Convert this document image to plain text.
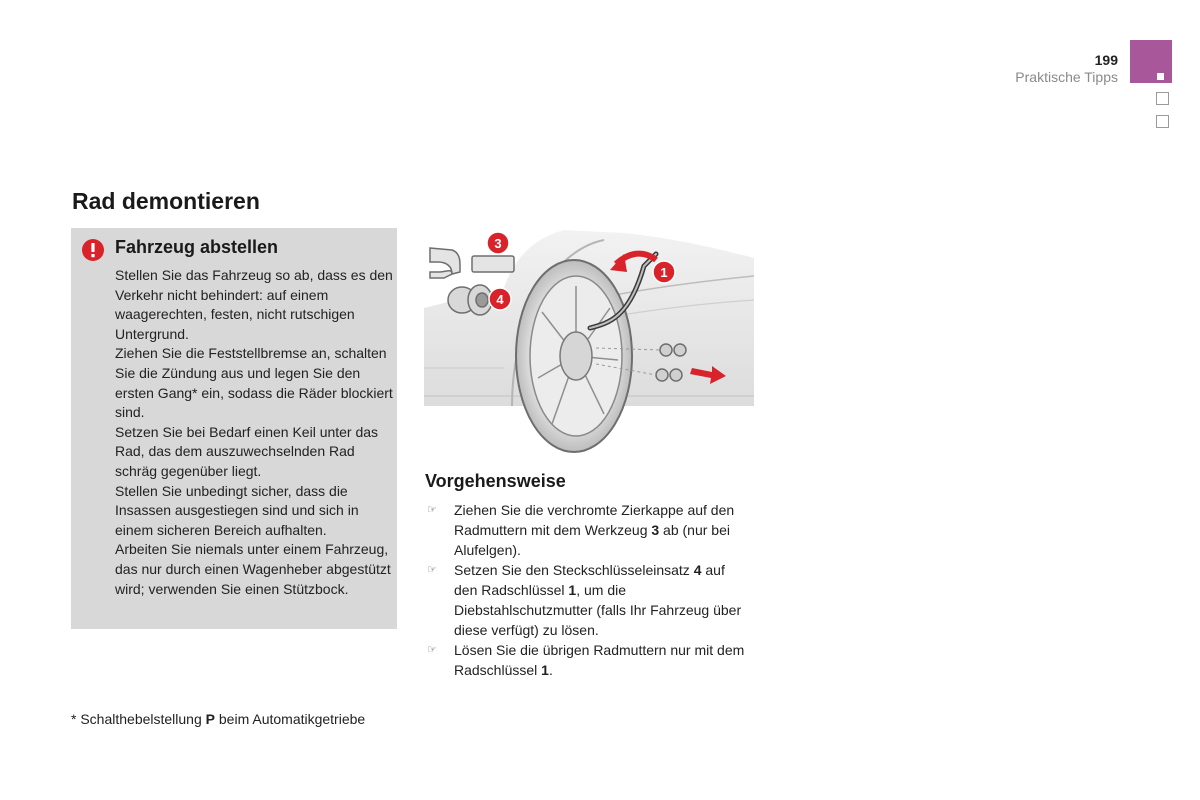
199
Praktische Tipps
Rad demontieren
Fahrzeug abstellen

Stellen Sie das Fahrzeug so ab, dass es den Verkehr nicht behindert: auf einem waagerechten, festen, nicht rutschigen Untergrund.

Ziehen Sie die Feststellbremse an, schalten Sie die Zündung aus und legen Sie den ersten Gang* ein, sodass die Räder blockiert sind.

Setzen Sie bei Bedarf einen Keil unter das Rad, das dem auszuwechselnden Rad schräg gegenüber liegt.

Stellen Sie unbedingt sicher, dass die Insassen ausgestiegen sind und sich in einem sicheren Bereich aufhalten.

Arbeiten Sie niemals unter einem Fahrzeug, das nur durch einen Wagenheber abgestützt wird; verwenden Sie einen Stützbock.

1
3
4
Vorgehensweise
☞ Ziehen Sie die verchromte Zierkappe auf den Radmuttern mit dem Werkzeug 3 ab (nur bei Alufelgen).
☞ Setzen Sie den Steckschlüsseleinsatz 4 auf den Radschlüssel 1, um die Diebstahlschutzmutter (falls Ihr Fahrzeug über diese verfügt) zu lösen.
☞ Lösen Sie die übrigen Radmuttern nur mit dem Radschlüssel 1.
* Schalthebelstellung P beim Automatikgetriebe
